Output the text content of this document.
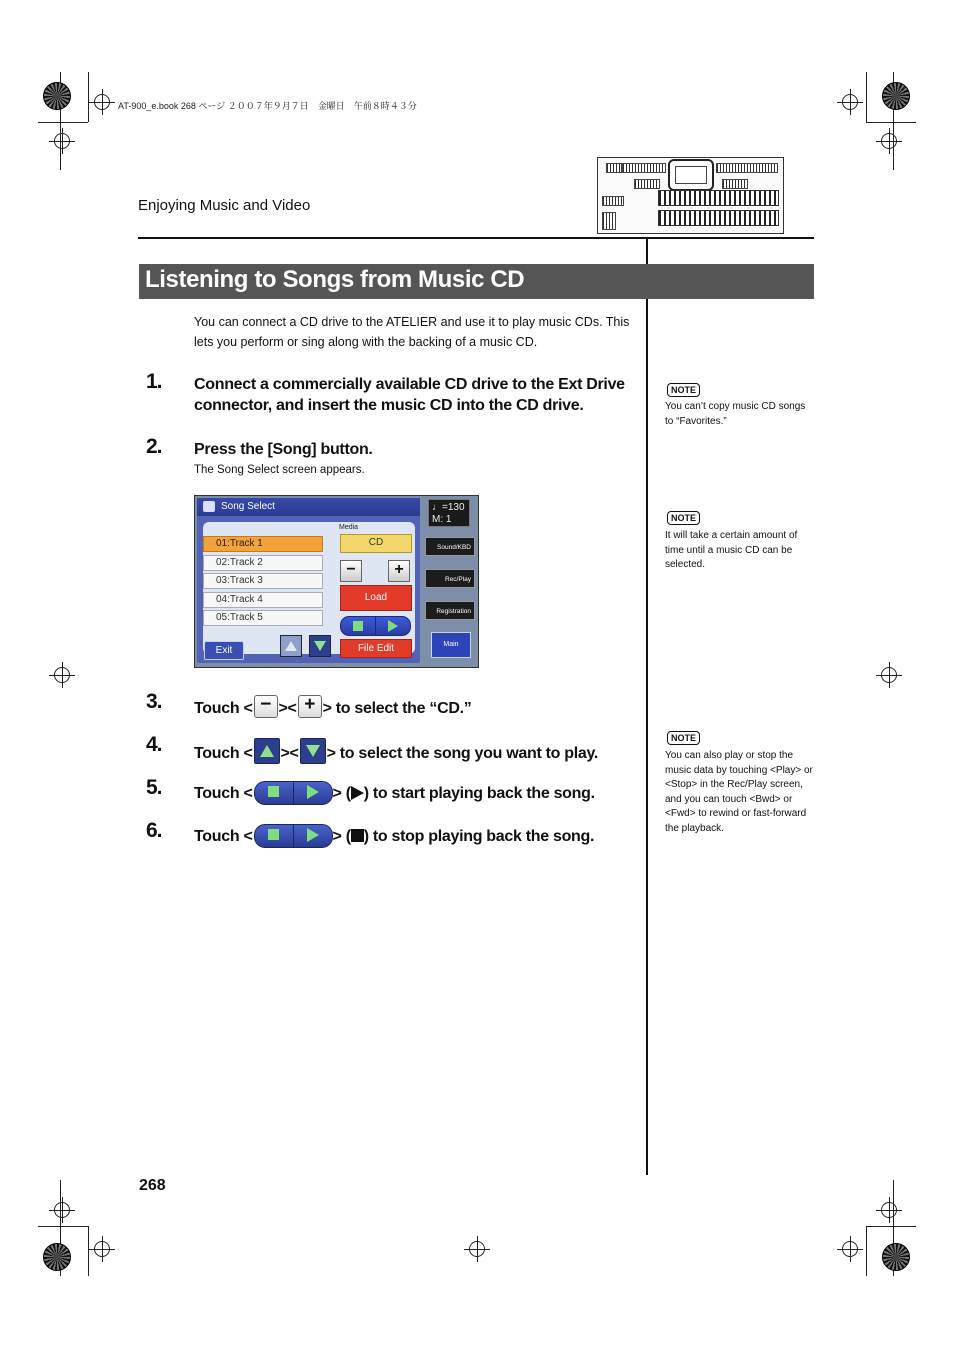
AT-900_e.book 268 ページ ２００７年９月７日　金曜日　午前８時４３分
Enjoying Music and Video
Listening to Songs from Music CD
You can connect a CD drive to the ATELIER and use it to play music CDs. This lets you perform or sing along with the backing of a music CD.
1. Connect a commercially available CD drive to the Ext Drive connector, and insert the music CD into the CD drive.
2. Press the [Song] button.
The Song Select screen appears.
Song Select
01:Track 1
02:Track 2
03:Track 3
04:Track 4
05:Track 5
Media
CD
−	+
Load
File Edit
Exit
♩=130
M: 1
Sound/KBD
Rec/Play
Registration
Main
3. Touch < − >< + > to select the “CD.”
4. Touch < >< > to select the song you want to play.
5. Touch <	> ( ) to start playing back the song.
6. Touch <	> ( ) to stop playing back the song.
NOTE
You can’t copy music CD songs to “Favorites.”
NOTE
It will take a certain amount of time until a music CD can be selected.
NOTE
You can also play or stop the music data by touching <Play> or <Stop> in the Rec/Play screen, and you can touch <Bwd> or <Fwd> to rewind or fast-forward the playback.
268
